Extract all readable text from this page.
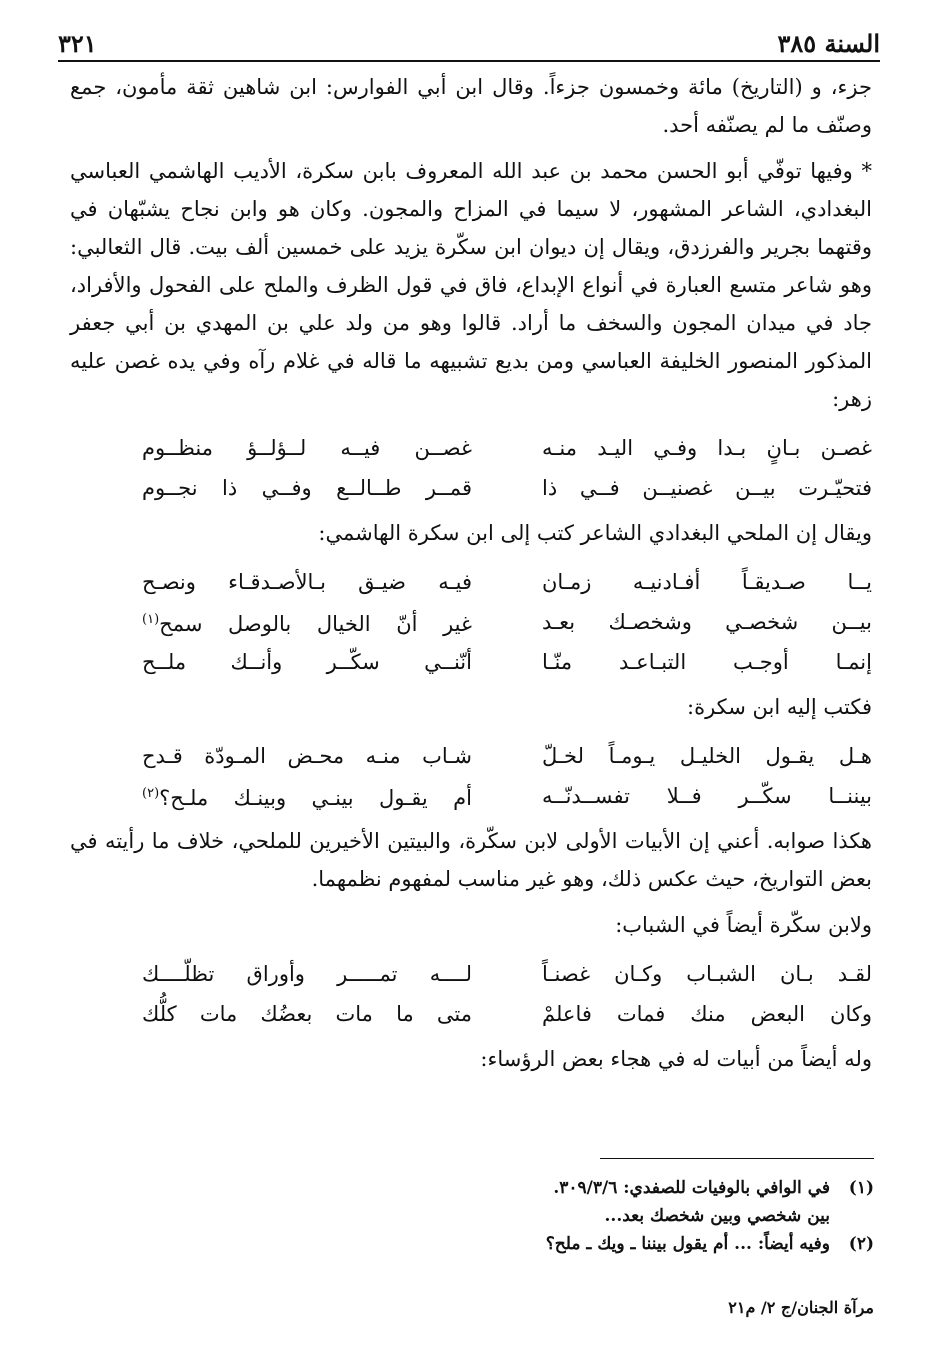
السنة ٣٨٥
٣٢١

جزء، و (التاريخ) مائة وخمسون جزءاً. وقال ابن أبي الفوارس: ابن شاهين ثقة مأمون، جمع وصنّف ما لم يصنّفه أحد.

* وفيها توفّي أبو الحسن محمد بن عبد الله المعروف بابن سكرة، الأديب الهاشمي العباسي البغدادي، الشاعر المشهور، لا سيما في المزاح والمجون. وكان هو وابن نجاح يشبّهان في وقتهما بجرير والفرزدق، ويقال إن ديوان ابن سكّرة يزيد على خمسين ألف بيت. قال الثعالبي: وهو شاعر متسع العبارة في أنواع الإبداع، فاق في قول الظرف والملح على الفحول والأفراد، جاد في ميدان المجون والسخف ما أراد. قالوا وهو من ولد علي بن المهدي بن أبي جعفر المذكور المنصور الخليفة العباسي ومن بديع تشبيهه ما قاله في غلام رآه وفي يده غصن عليه زهر:

غصـن بـانٍ بـدا وفـي اليـد منـه
غصــن فيــه لــؤلــؤ منظــوم
فتحيّـرت بيــن غصنيــن فــي ذا
قمــر طــالــع وفــي ذا نجــوم

ويقال إن الملحي البغدادي الشاعر كتب إلى ابن سكرة الهاشمي:

يــا صـديقـاً أفـادنيـه زمـان
فيـه ضيـق بـالأصـدقـاء ونصـح
بيــن شخصـي وشخصـك بعـد
غير أنّ الخيال بالوصل سمح$^{(١)}$
إنمـا أوجـب التبـاعـد منّـا
أنّنــي سكّــر وأنــك ملــح

فكتب إليه ابن سكرة:

هـل يقـول الخليـل يـومـاً لخـلّ
شـاب منـه محـض المـودّة قـدح
بيننــا سكّــر فــلا تفســدنّــه
أم يقـول بينـي وبينـك ملـح؟$^{(٢)}$

هكذا صوابه. أعني إن الأبيات الأولى لابن سكّرة، والبيتين الأخيرين للملحي، خلاف ما رأيته في بعض التواريخ، حيث عكس ذلك، وهو غير مناسب لمفهوم نظمهما.

ولابن سكّرة أيضاً في الشباب:

لقـد بـان الشبـاب وكـان غصنـاً
لــــه تمـــــر وأوراق تظلّــــك
وكان البعض منك فمات فاعلمْ
متى ما مات بعضُك مات كلُّك

وله أيضاً من أبيات له في هجاء بعض الرؤساء:

(١)
في الوافي بالوفيات للصفدي: ٣٠٩/٣/٦.
بين شخصي وبين شخصك بعد...
(٢)
وفيه أيضاً: ... أم يقول بيننا ـ ويك ـ ملح؟
مرآة الجنان/ج ٢/ م٢١
